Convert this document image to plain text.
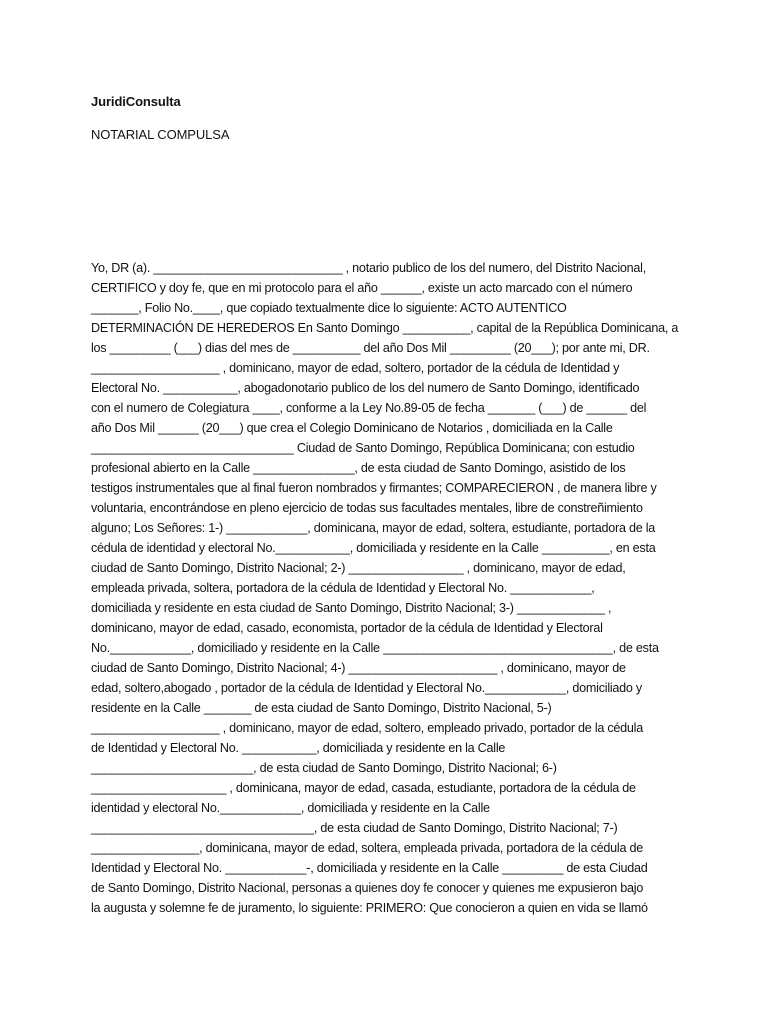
JuridiConsulta
NOTARIAL COMPULSA
Yo, DR (a). ____________________________ , notario publico de los del numero, del Distrito Nacional,
CERTIFICO y doy fe, que en mi protocolo para el año ______, existe un acto marcado con el número
_______, Folio No.____, que copiado textualmente dice lo siguiente: ACTO AUTENTICO
DETERMINACIÓN DE HEREDEROS En Santo Domingo __________, capital de la República Dominicana, a
los _________ (___) dias del mes de __________ del año Dos Mil _________ (20___); por ante mi, DR.
___________________ , dominicano, mayor de edad, soltero, portador de la cédula de Identidad y
Electoral No. ___________, abogadonotario publico de los del numero de Santo Domingo, identificado
con el numero de Colegiatura ____, conforme a la Ley No.89-05 de fecha _______ (___) de ______ del
año Dos Mil ______ (20___) que crea el Colegio Dominicano de Notarios , domiciliada en la Calle
______________________________ Ciudad de Santo Domingo, República Dominicana; con estudio
profesional abierto en la Calle _______________, de esta ciudad de Santo Domingo, asistido de los
testigos instrumentales que al final fueron nombrados y firmantes; COMPARECIERON , de manera libre y
voluntaria, encontrándose en pleno ejercicio de todas sus facultades mentales, libre de constreñimiento
alguno; Los Señores: 1-) ____________, dominicana, mayor de edad, soltera, estudiante, portadora de la
cédula de identidad y electoral No.___________, domiciliada y residente en la Calle __________, en esta
ciudad de Santo Domingo, Distrito Nacional; 2-) _________________ , dominicano, mayor de edad,
empleada privada, soltera, portadora de la cédula de Identidad y Electoral No. ____________,
domiciliada y residente en esta ciudad de Santo Domingo, Distrito Nacional; 3-) _____________ ,
dominicano, mayor de edad, casado, economista, portador de la cédula de Identidad y Electoral
No.____________, domiciliado y residente en la Calle __________________________________, de esta
ciudad de Santo Domingo, Distrito Nacional; 4-) ______________________ , dominicano, mayor de
edad, soltero,abogado , portador de la cédula de Identidad y Electoral No.____________, domiciliado y
residente en la Calle _______ de esta ciudad de Santo Domingo, Distrito Nacional, 5-)
___________________ , dominicano, mayor de edad, soltero, empleado privado, portador de la cédula
de Identidad y Electoral No. ___________, domiciliada y residente en la Calle
________________________, de esta ciudad de Santo Domingo, Distrito Nacional; 6-)
____________________ , dominicana, mayor de edad, casada, estudiante, portadora de la cédula de
identidad y electoral No.____________, domiciliada y residente en la Calle
_________________________________, de esta ciudad de Santo Domingo, Distrito Nacional; 7-)
________________, dominicana, mayor de edad, soltera, empleada privada, portadora de la cédula de
Identidad y Electoral No. ____________-, domiciliada y residente en la Calle _________ de esta Ciudad
de Santo Domingo, Distrito Nacional, personas a quienes doy fe conocer y quienes me expusieron bajo
la augusta y solemne fe de juramento, lo siguiente: PRIMERO: Que conocieron a quien en vida se llamó
